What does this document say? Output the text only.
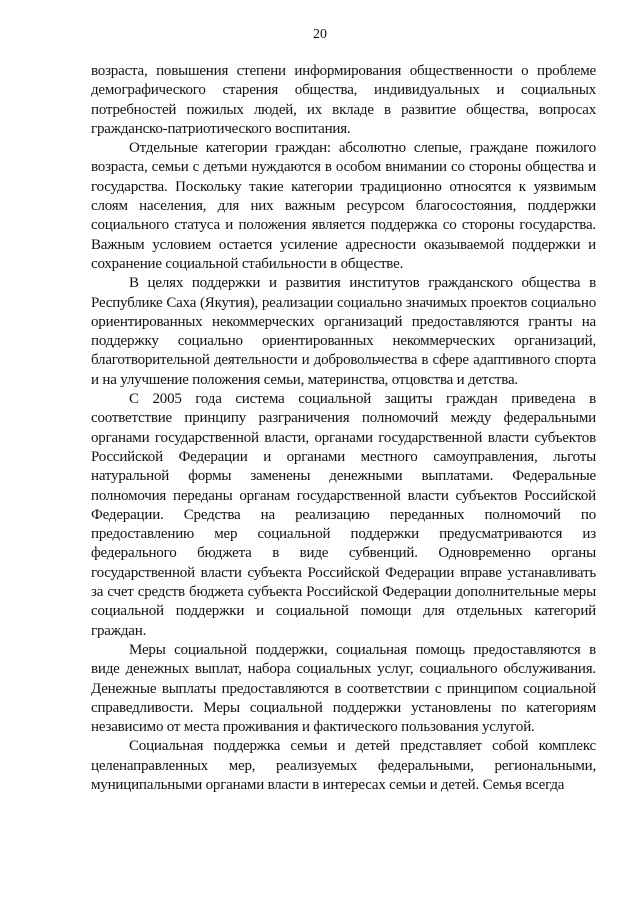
20

возраста, повышения степени информирования общественности о проблеме демографического старения общества, индивидуальных и социальных потребностей пожилых людей, их вкладе в развитие общества, вопросах гражданско-патриотического воспитания.

Отдельные категории граждан: абсолютно слепые, граждане пожилого возраста, семьи с детьми нуждаются в особом внимании со стороны общества и государства. Поскольку такие категории традиционно относятся к уязвимым слоям населения, для них важным ресурсом благосостояния, поддержки социального статуса и положения является поддержка со стороны государства. Важным условием остается усиление адресности оказываемой поддержки и сохранение социальной стабильности в обществе.

В целях поддержки и развития институтов гражданского общества в Республике Саха (Якутия), реализации социально значимых проектов социально ориентированных некоммерческих организаций предоставляются гранты на поддержку социально ориентированных некоммерческих организаций, благотворительной деятельности и добровольчества в сфере адаптивного спорта и на улучшение положения семьи, материнства, отцовства и детства.

С 2005 года система социальной защиты граждан приведена в соответствие принципу разграничения полномочий между федеральными органами государственной власти, органами государственной власти субъектов Российской Федерации и органами местного самоуправления, льготы натуральной формы заменены денежными выплатами. Федеральные полномочия переданы органам государственной власти субъектов Российской Федерации. Средства на реализацию переданных полномочий по предоставлению мер социальной поддержки предусматриваются из федерального бюджета в виде субвенций. Одновременно органы государственной власти субъекта Российской Федерации вправе устанавливать за счет средств бюджета субъекта Российской Федерации дополнительные меры социальной поддержки и социальной помощи для отдельных категорий граждан.

Меры социальной поддержки, социальная помощь предоставляются в виде денежных выплат, набора социальных услуг, социального обслуживания. Денежные выплаты предоставляются в соответствии с принципом социальной справедливости. Меры социальной поддержки установлены по категориям независимо от места проживания и фактического пользования услугой.

Социальная поддержка семьи и детей представляет собой комплекс целенаправленных мер, реализуемых федеральными, региональными, муниципальными органами власти в интересах семьи и детей. Семья всегда
